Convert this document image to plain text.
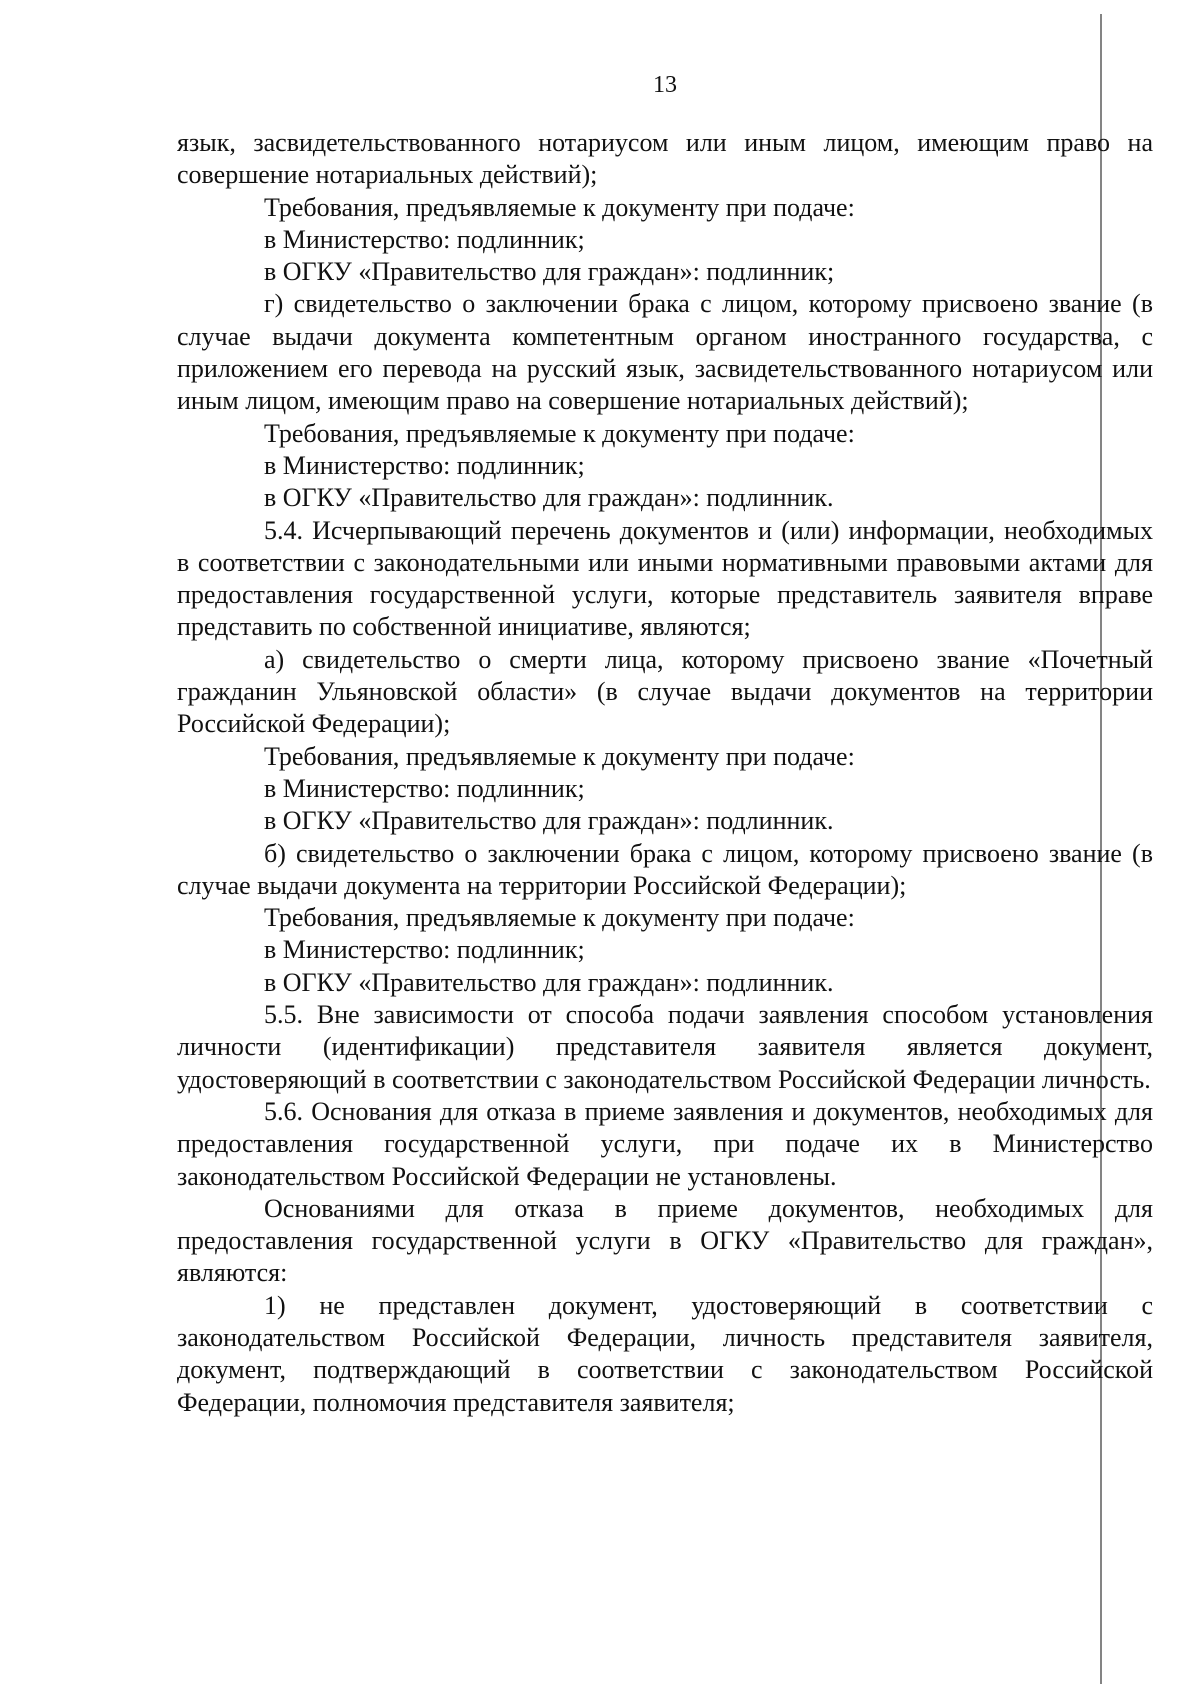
13

язык, засвидетельствованного нотариусом или иным лицом, имеющим право на совершение нотариальных действий);

Требования, предъявляемые к документу при подаче:

в Министерство: подлинник;

в ОГКУ «Правительство для граждан»: подлинник;

г) свидетельство о заключении брака с лицом, которому присвоено звание (в случае выдачи документа компетентным органом иностранного государства, с приложением его перевода на русский язык, засвидетельствованного нотариусом или иным лицом, имеющим право на совершение нотариальных действий);

Требования, предъявляемые к документу при подаче:

в Министерство: подлинник;

в ОГКУ «Правительство для граждан»: подлинник.

5.4. Исчерпывающий перечень документов и (или) информации, необходимых в соответствии с законодательными или иными нормативными правовыми актами для предоставления государственной услуги, которые представитель заявителя вправе представить по собственной инициативе, являются;

а) свидетельство о смерти лица, которому присвоено звание «Почетный гражданин Ульяновской области» (в случае выдачи документов на территории Российской Федерации);

Требования, предъявляемые к документу при подаче:

в Министерство: подлинник;

в ОГКУ «Правительство для граждан»: подлинник.

б) свидетельство о заключении брака с лицом, которому присвоено звание (в случае выдачи документа на территории Российской Федерации);

Требования, предъявляемые к документу при подаче:

в Министерство: подлинник;

в ОГКУ «Правительство для граждан»: подлинник.

5.5. Вне зависимости от способа подачи заявления способом установления личности (идентификации) представителя заявителя является документ, удостоверяющий в соответствии с законодательством Российской Федерации личность.

5.6. Основания для отказа в приеме заявления и документов, необходимых для предоставления государственной услуги, при подаче их в Министерство законодательством Российской Федерации не установлены.

Основаниями для отказа в приеме документов, необходимых для предоставления государственной услуги в ОГКУ «Правительство для граждан», являются:

1) не представлен документ, удостоверяющий в соответствии с законодательством Российской Федерации, личность представителя заявителя, документ, подтверждающий в соответствии с законодательством Российской Федерации, полномочия представителя заявителя;
